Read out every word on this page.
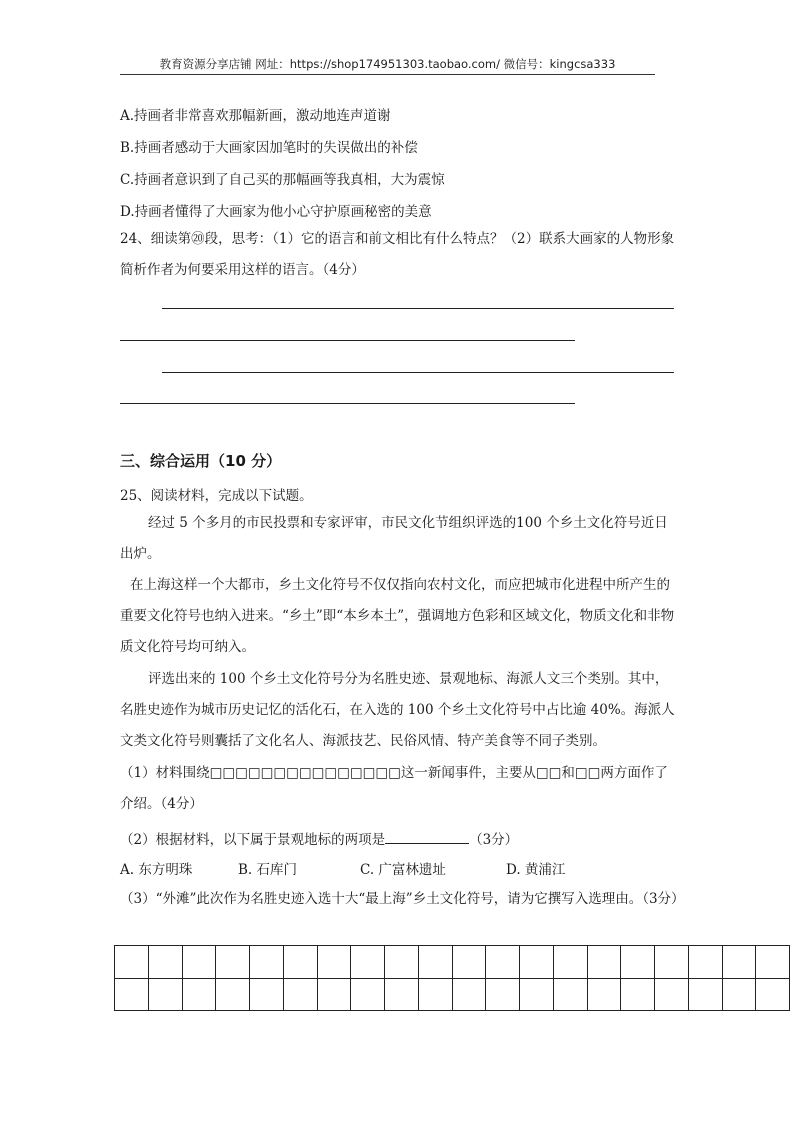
教育资源分享店铺 网址：https://shop174951303.taobao.com/ 微信号：kingcsa333
A.持画者非常喜欢那幅新画，激动地连声道谢
B.持画者感动于大画家因加笔时的失误做出的补偿
C.持画者意识到了自己买的那幅画等我真相，大为震惊
D.持画者懂得了大画家为他小心守护原画秘密的美意
24、细读第⑳段，思考：（1）它的语言和前文相比有什么特点？（2）联系大画家的人物形象简析作者为何要采用这样的语言。（4分）
三、综合运用（10 分）
25、阅读材料，完成以下试题。
经过 5 个多月的市民投票和专家评审，市民文化节组织评选的100 个乡土文化符号近日出炉。
在上海这样一个大都市，乡土文化符号不仅仅指向农村文化，而应把城市化进程中所产生的重要文化符号也纳入进来。“乡土”即“本乡本土”，强调地方色彩和区域文化，物质文化和非物质文化符号均可纳入。
评选出来的 100 个乡土文化符号分为名胜史迹、景观地标、海派人文三个类别。其中，名胜史迹作为城市历史记忆的活化石，在入选的 100 个乡土文化符号中占比逾 40%。海派人文类文化符号则囊括了文化名人、海派技艺、民俗风情、特产美食等不同子类别。
（1）材料围绕□□□□□□□□□□□□□□□这一新闻事件，主要从□□和□□两方面作了介绍。（4分）
（2）根据材料，以下属于景观地标的两项是	（3分）
A. 东方明珠	B. 石库门	C. 广富林遗址	D. 黄浦江
（3）“外滩”此次作为名胜史迹入选十大“最上海”乡土文化符号，请为它撰写入选理由。（3分）
